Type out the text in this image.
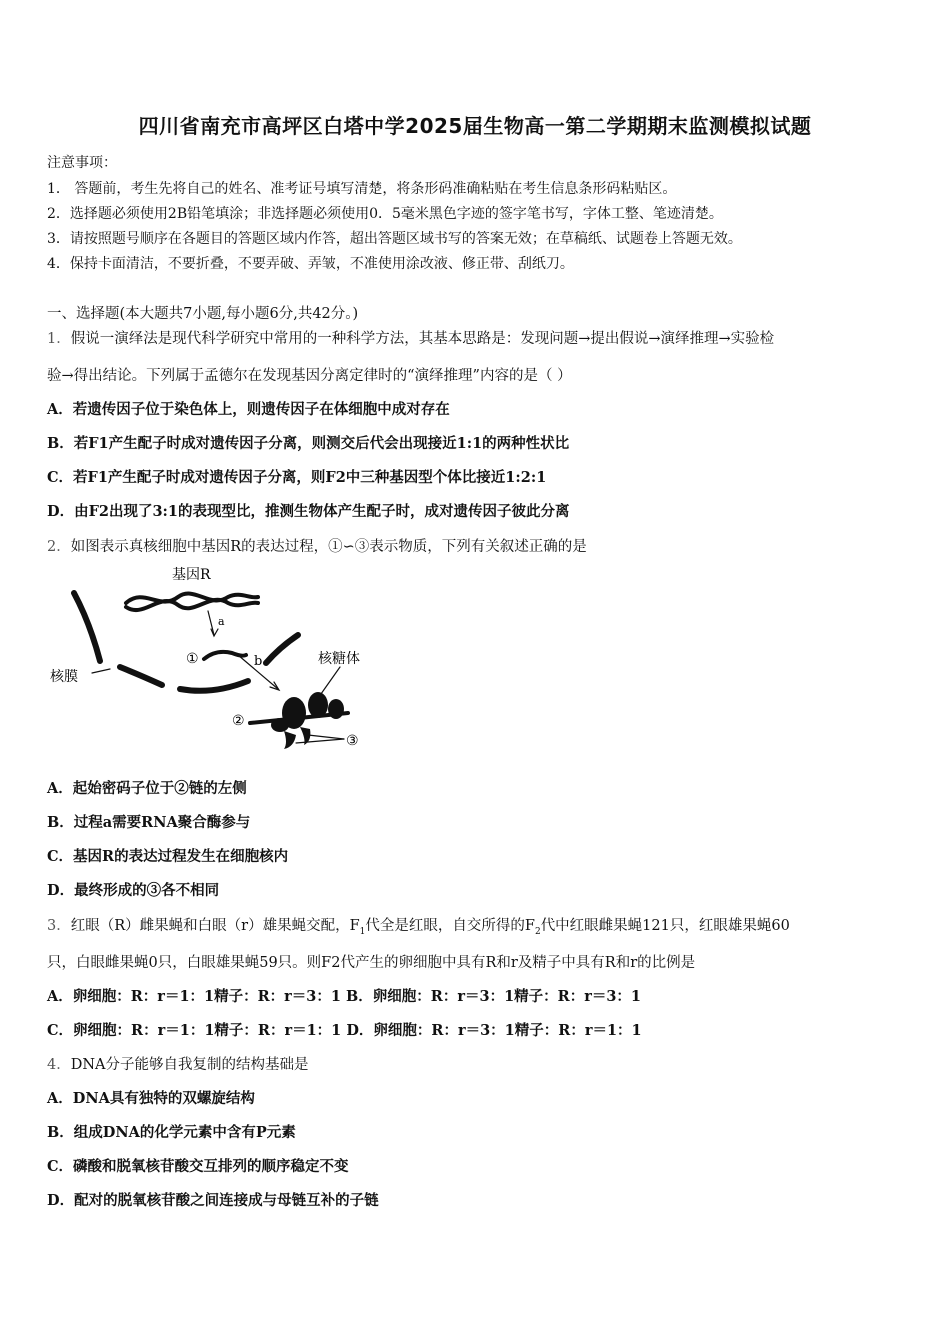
四川省南充市高坪区白塔中学2025届生物高一第二学期期末监测模拟试题
注意事项：
1． 答题前，考生先将自己的姓名、准考证号填写清楚，将条形码准确粘贴在考生信息条形码粘贴区。
2．选择题必须使用2B铅笔填涂；非选择题必须使用0．5毫米黑色字迹的签字笔书写，字体工整、笔迹清楚。
3．请按照题号顺序在各题目的答题区域内作答，超出答题区域书写的答案无效；在草稿纸、试题卷上答题无效。
4．保持卡面清洁，不要折叠，不要弄破、弄皱，不准使用涂改液、修正带、刮纸刀。
一、选择题(本大题共7小题,每小题6分,共42分。)
1．假说一演绎法是现代科学研究中常用的一种科学方法，其基本思路是：发现问题→提出假说→演绎推理→实验检
验→得出结论。下列属于孟德尔在发现基因分离定律时的“演绎推理”内容的是（ ）
A．若遗传因子位于染色体上，则遗传因子在体细胞中成对存在
B．若F1产生配子时成对遗传因子分离，则测交后代会出现接近1:1的两种性状比
C．若F1产生配子时成对遗传因子分离，则F2中三种基因型个体比接近1:2:1
D．由F2出现了3:1的表现型比，推测生物体产生配子时，成对遗传因子彼此分离
2．如图表示真核细胞中基因R的表达过程，①∽③表示物质，下列有关叙述正确的是
基因R
a
①	b
核膜
核糖体
②
③
A．起始密码子位于②链的左侧
B．过程a需要RNA聚合酶参与
C．基因R的表达过程发生在细胞核内
D．最终形成的③各不相同
3．红眼（R）雌果蝇和白眼（r）雄果蝇交配，$F_1$代全是红眼，自交所得的$F_2$代中红眼雌果蝇121只，红眼雄果蝇60
只，白眼雌果蝇0只，白眼雄果蝇59只。则F2代产生的卵细胞中具有R和r及精子中具有R和r的比例是
A．卵细胞：R：r＝1：1精子：R：r＝3：1 B．卵细胞：R：r＝3：1精子：R：r＝3：1
C．卵细胞：R：r＝1：1精子：R：r＝1：1 D．卵细胞：R：r＝3：1精子：R：r＝1：1
4．DNA分子能够自我复制的结构基础是
A．DNA具有独特的双螺旋结构
B．组成DNA的化学元素中含有P元素
C．磷酸和脱氧核苷酸交互排列的顺序稳定不变
D．配对的脱氧核苷酸之间连接成与母链互补的子链
